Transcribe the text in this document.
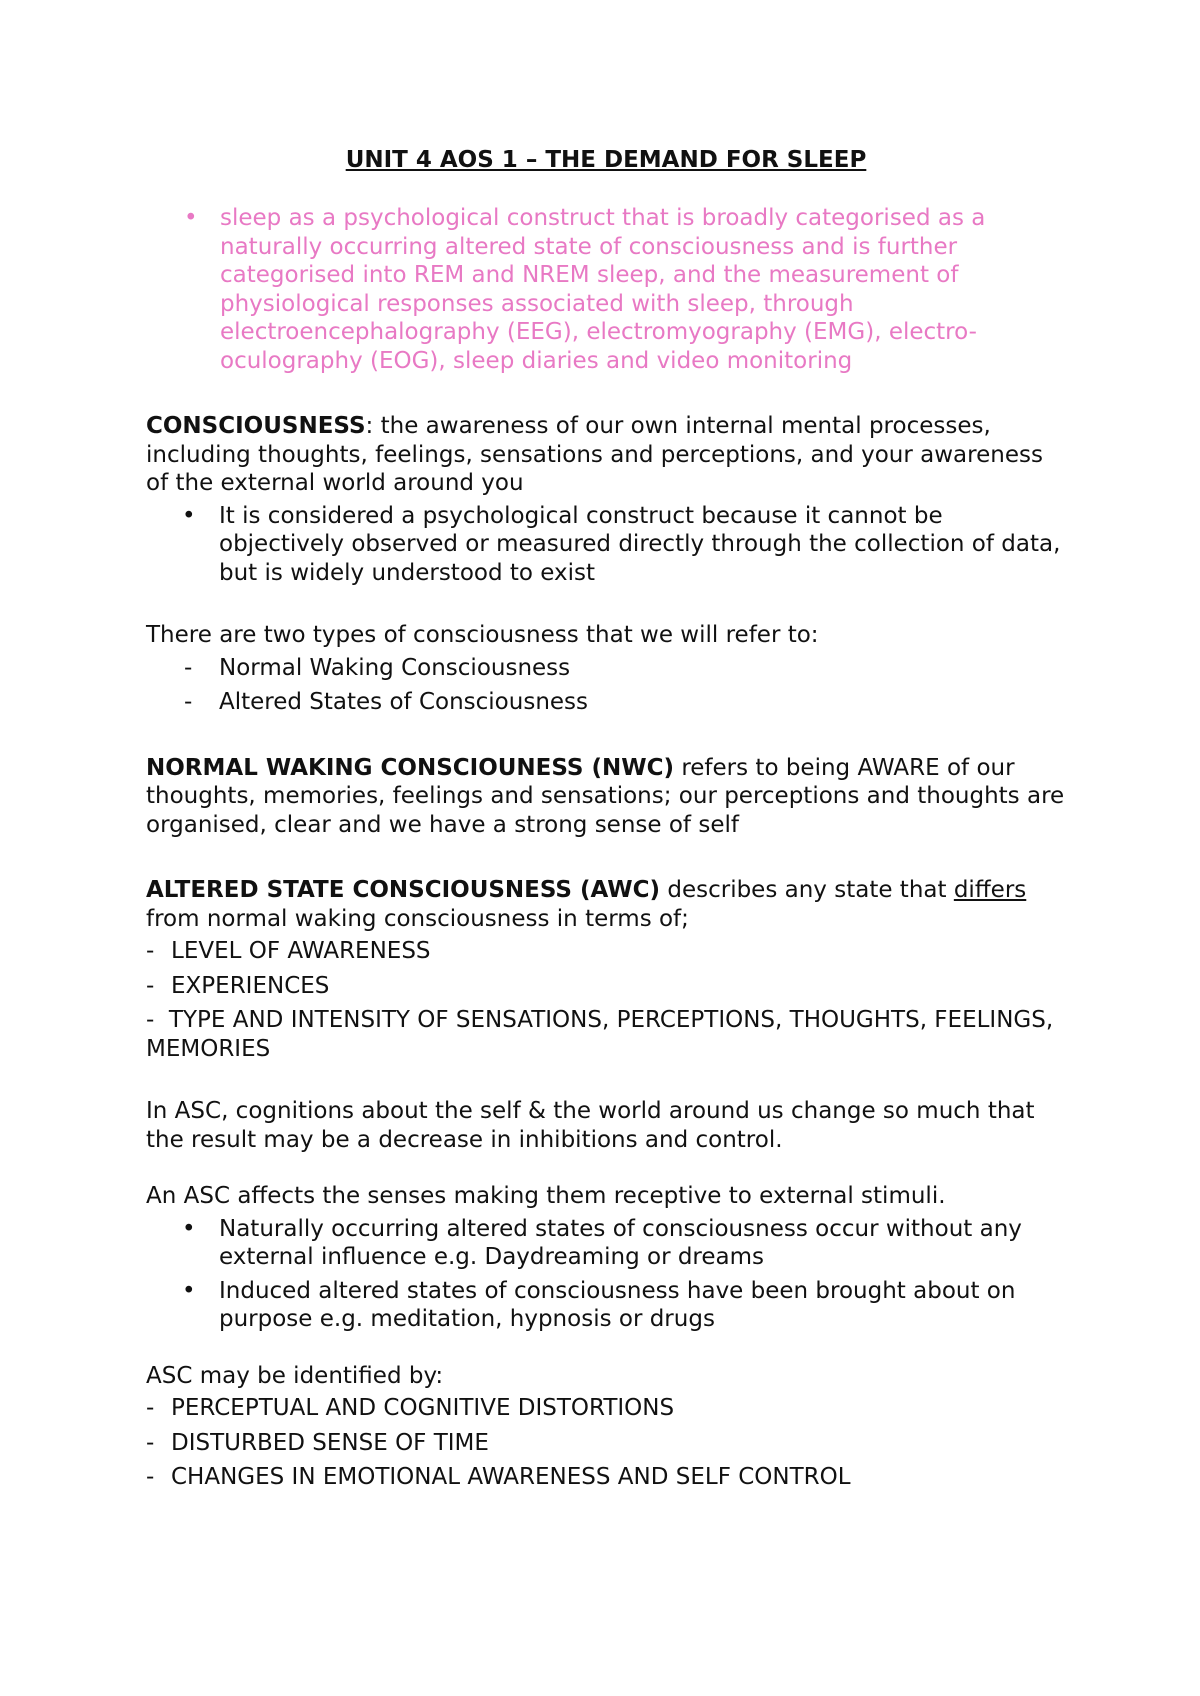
UNIT 4 AOS 1 – THE DEMAND FOR SLEEP
• sleep as a psychological construct that is broadly categorised as a naturally occurring altered state of consciousness and is further categorised into REM and NREM sleep, and the measurement of physiological responses associated with sleep, through electroencephalography (EEG), electromyography (EMG), electro-oculography (EOG), sleep diaries and video monitoring

CONSCIOUSNESS: the awareness of our own internal mental processes, including thoughts, feelings, sensations and perceptions, and your awareness of the external world around you

• It is considered a psychological construct because it cannot be objectively observed or measured directly through the collection of data, but is widely understood to exist

There are two types of consciousness that we will refer to:

- Normal Waking Consciousness
- Altered States of Consciousness

NORMAL WAKING CONSCIOUNESS (NWC) refers to being AWARE of our thoughts, memories, feelings and sensations; our perceptions and thoughts are organised, clear and we have a strong sense of self

ALTERED STATE CONSCIOUSNESS (AWC) describes any state that differs from normal waking consciousness in terms of;

- LEVEL OF AWARENESS
- EXPERIENCES
-  TYPE AND INTENSITY OF SENSATIONS, PERCEPTIONS, THOUGHTS, FEELINGS, MEMORIES

In ASC, cognitions about the self & the world around us change so much that the result may be a decrease in inhibitions and control.

An ASC affects the senses making them receptive to external stimuli.

• Naturally occurring altered states of consciousness occur without any external influence e.g. Daydreaming or dreams
• Induced altered states of consciousness have been brought about on purpose e.g. meditation, hypnosis or drugs

ASC may be identified by:

- PERCEPTUAL AND COGNITIVE DISTORTIONS
- DISTURBED SENSE OF TIME
- CHANGES IN EMOTIONAL AWARENESS AND SELF CONTROL
